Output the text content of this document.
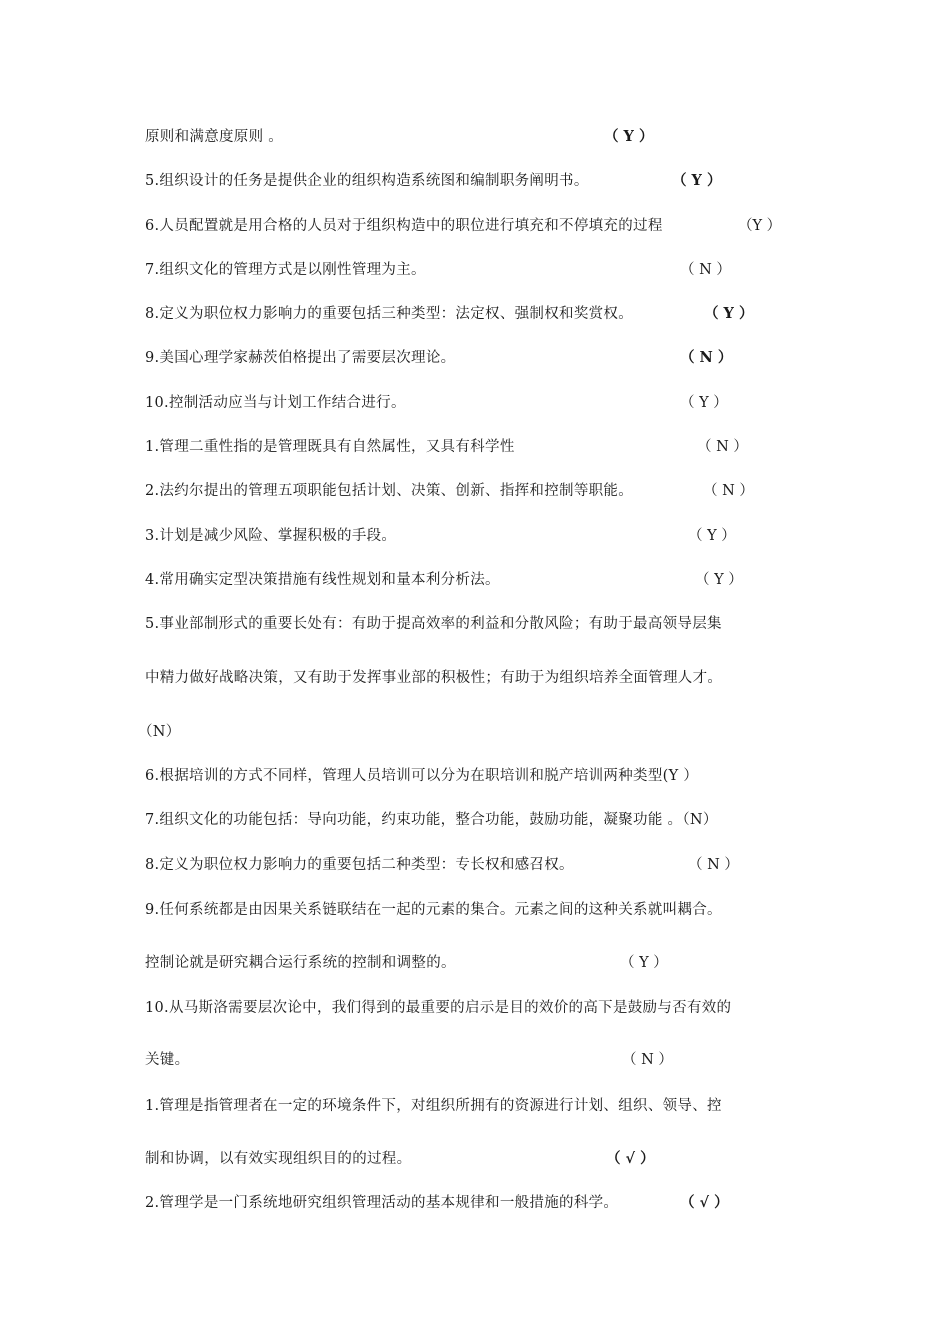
原则和满意度原则 。	（ Y ）
5.组织设计的任务是提供企业的组织构造系统图和编制职务阐明书。	（ Y ）
6.人员配置就是用合格的人员对于组织构造中的职位进行填充和不停填充的过程	（Y ）
7.组织文化的管理方式是以刚性管理为主。	（ N ）
8.定义为职位权力影响力的重要包括三种类型：法定权、强制权和奖赏权。	（ Y ）
9.美国心理学家赫茨伯格提出了需要层次理论。	（ N ）
10.控制活动应当与计划工作结合进行。	（ Y ）
1.管理二重性指的是管理既具有自然属性，又具有科学性	（ N ）
2.法约尔提出的管理五项职能包括计划、决策、创新、指挥和控制等职能。	（ N ）
3.计划是减少风险、掌握积极的手段。	（ Y ）
4.常用确实定型决策措施有线性规划和量本利分析法。	（ Y ）
5.事业部制形式的重要长处有：有助于提高效率的利益和分散风险；有助于最高领导层集
中精力做好战略决策，又有助于发挥事业部的积极性；有助于为组织培养全面管理人才。
（N）
6.根据培训的方式不同样，管理人员培训可以分为在职培训和脱产培训两种类型(Y ）
7.组织文化的功能包括：导向功能，约束功能，整合功能，鼓励功能，凝聚功能 。（N）
8.定义为职位权力影响力的重要包括二种类型：专长权和感召权。	（ N ）
9.任何系统都是由因果关系链联结在一起的元素的集合。元素之间的这种关系就叫耦合。
控制论就是研究耦合运行系统的控制和调整的。	（ Y ）
10.从马斯洛需要层次论中，我们得到的最重要的启示是目的效价的高下是鼓励与否有效的
关键。	（ N ）
1.管理是指管理者在一定的环境条件下，对组织所拥有的资源进行计划、组织、领导、控
制和协调，以有效实现组织目的的过程。	（ √ ）
2.管理学是一门系统地研究组织管理活动的基本规律和一般措施的科学。	（ √ ）
